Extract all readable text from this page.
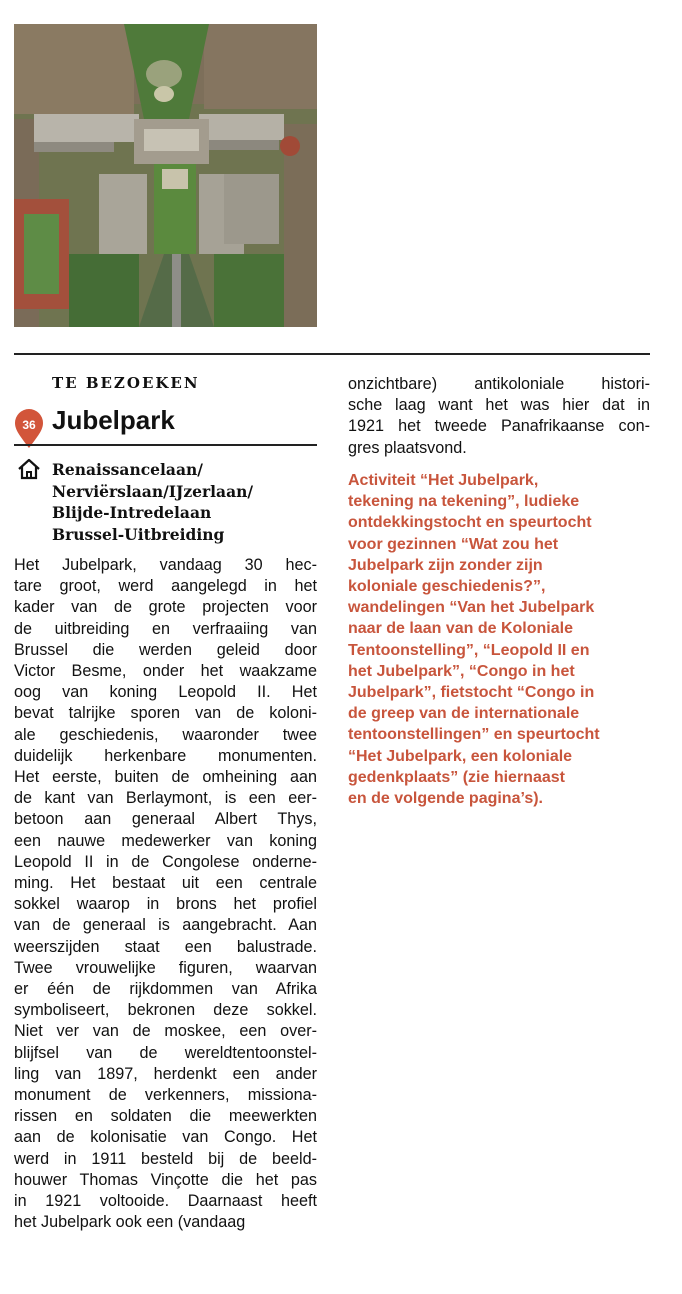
TE BEZOEKEN
36 Jubelpark
Renaissancelaan/
Nerviërslaan/IJzerlaan/
Blijde-Intredelaan
Brussel-Uitbreiding
Het Jubelpark, vandaag 30 hec-
tare groot, werd aangelegd in het
kader van de grote projecten voor
de uitbreiding en verfraaiing van
Brussel die werden geleid door
Victor Besme, onder het waakzame
oog van koning Leopold II. Het
bevat talrijke sporen van de koloni-
ale geschiedenis, waaronder twee
duidelijk herkenbare monumenten.
Het eerste, buiten de omheining aan
de kant van Berlaymont, is een eer-
betoon aan generaal Albert Thys,
een nauwe medewerker van koning
Leopold II in de Congolese onderne-
ming. Het bestaat uit een centrale
sokkel waarop in brons het profiel
van de generaal is aangebracht. Aan
weerszijden staat een balustrade.
Twee vrouwelijke figuren, waarvan
er één de rijkdommen van Afrika
symboliseert, bekronen deze sokkel.
Niet ver van de moskee, een over-
blijfsel van de wereldtentoonstel-
ling van 1897, herdenkt een ander
monument de verkenners, missiona-
rissen en soldaten die meewerkten
aan de kolonisatie van Congo. Het
werd in 1911 besteld bij de beeld-
houwer Thomas Vinçotte die het pas
in 1921 voltooide. Daarnaast heeft
het Jubelpark ook een (vandaag
onzichtbare) antikoloniale histori-
sche laag want het was hier dat in
1921 het tweede Panafrikaanse con-
gres plaatsvond.
Activiteit “Het Jubelpark,
tekening na tekening”, ludieke
ontdekkingstocht en speurtocht
voor gezinnen “Wat zou het
Jubelpark zijn zonder zijn
koloniale geschiedenis?”,
wandelingen “Van het Jubelpark
naar de laan van de Koloniale
Tentoonstelling”, “Leopold II en
het Jubelpark”, “Congo in het
Jubelpark”, fietstocht “Congo in
de greep van de internationale
tentoonstellingen” en speurtocht
“Het Jubelpark, een koloniale
gedenkplaats” (zie hiernaast
en de volgende pagina’s).
